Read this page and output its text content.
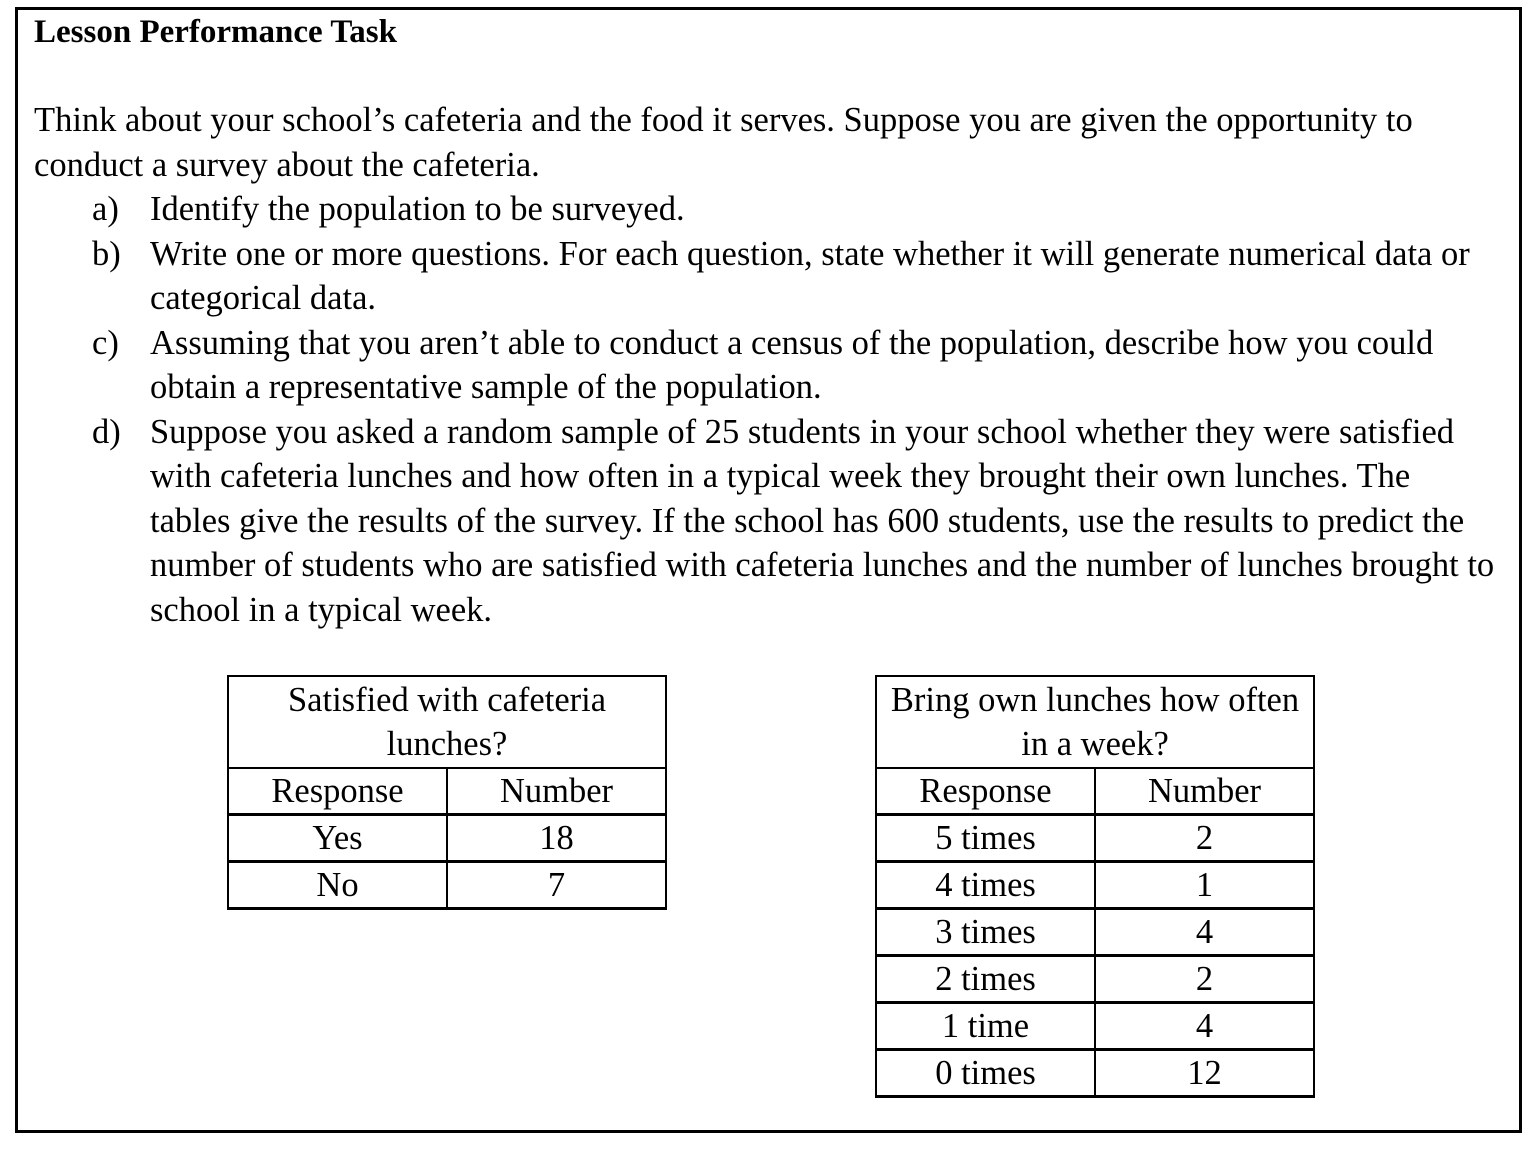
Lesson Performance Task

Think about your school’s cafeteria and the food it serves. Suppose you are given the opportunity to conduct a survey about the cafeteria.

a) Identify the population to be surveyed.
b) Write one or more questions. For each question, state whether it will generate numerical data or categorical data.
c) Assuming that you aren’t able to conduct a census of the population, describe how you could obtain a representative sample of the population.
d) Suppose you asked a random sample of 25 students in your school whether they were satisfied with cafeteria lunches and how often in a typical week they brought their own lunches. The tables give the results of the survey. If the school has 600 students, use the results to predict the number of students who are satisfied with cafeteria lunches and the number of lunches brought to school in a typical week.
Satisfied with cafeteria lunches?	
Response	Number
Yes	18
No	7
Bring own lunches how often in a week?	
Response	Number
5 times	2
4 times	1
3 times	4
2 times	2
1 time	4
0 times	12
